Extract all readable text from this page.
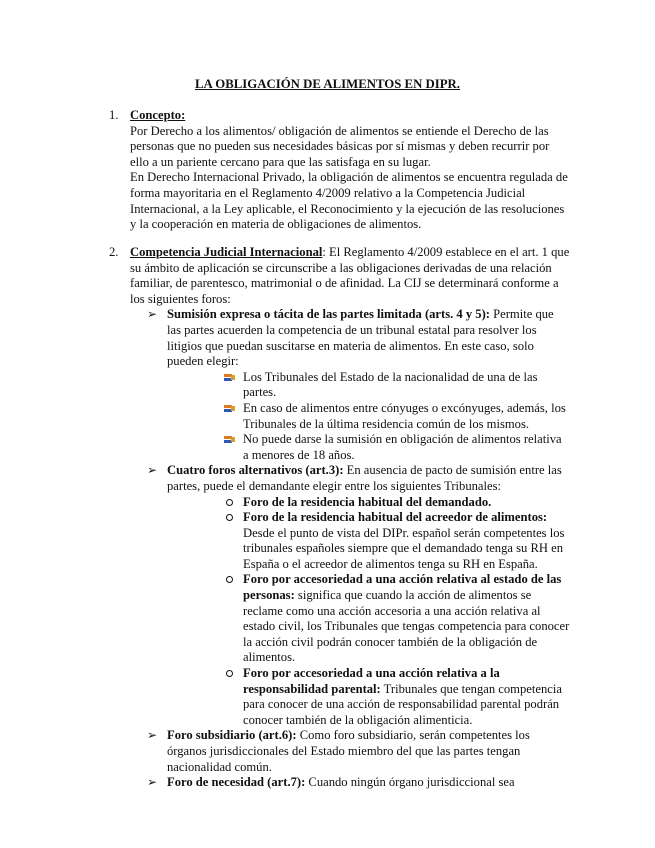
LA OBLIGACIÓN DE ALIMENTOS EN DIPR.
1. Concepto:

Por Derecho a los alimentos/ obligación de alimentos se entiende el Derecho de las personas que no pueden sus necesidades básicas por sí mismas y deben recurrir por ello a un pariente cercano para que las satisfaga en su lugar.

En Derecho Internacional Privado, la obligación de alimentos se encuentra regulada de forma mayoritaria en el Reglamento 4/2009 relativo a la Competencia Judicial Internacional, a la Ley aplicable, el Reconocimiento y la ejecución de las resoluciones y la cooperación en materia de obligaciones de alimentos.

2. Competencia Judicial Internacional: El Reglamento 4/2009 establece en el art. 1 que su ámbito de aplicación se circunscribe a las obligaciones derivadas de una relación familiar, de parentesco, matrimonial o de afinidad. La CIJ se determinará conforme a los siguientes foros:

➢ Sumisión expresa o tácita de las partes limitada (arts. 4 y 5): Permite que las partes acuerden la competencia de un tribunal estatal para resolver los litigios que puedan suscitarse en materia de alimentos. En este caso, solo pueden elegir:

Los Tribunales del Estado de la nacionalidad de una de las partes.

En caso de alimentos entre cónyuges o excónyuges, además, los Tribunales de la última residencia común de los mismos.

No puede darse la sumisión en obligación de alimentos relativa a menores de 18 años.

➢ Cuatro foros alternativos (art.3): En ausencia de pacto de sumisión entre las partes, puede el demandante elegir entre los siguientes Tribunales:

Foro de la residencia habitual del demandado.

Foro de la residencia habitual del acreedor de alimentos: Desde el punto de vista del DIPr. español serán competentes los tribunales españoles siempre que el demandado tenga su RH en España o el acreedor de alimentos tenga su RH en España.

Foro por accesoriedad a una acción relativa al estado de las personas: significa que cuando la acción de alimentos se reclame como una acción accesoria a una acción relativa al estado civil, los Tribunales que tengas competencia para conocer la acción civil podrán conocer también de la obligación de alimentos.

Foro por accesoriedad a una acción relativa a la responsabilidad parental: Tribunales que tengan competencia para conocer de una acción de responsabilidad parental podrán conocer también de la obligación alimenticia.

➢ Foro subsidiario (art.6): Como foro subsidiario, serán competentes los órganos jurisdiccionales del Estado miembro del que las partes tengan nacionalidad común.

➢ Foro de necesidad (art.7): Cuando ningún órgano jurisdiccional sea
